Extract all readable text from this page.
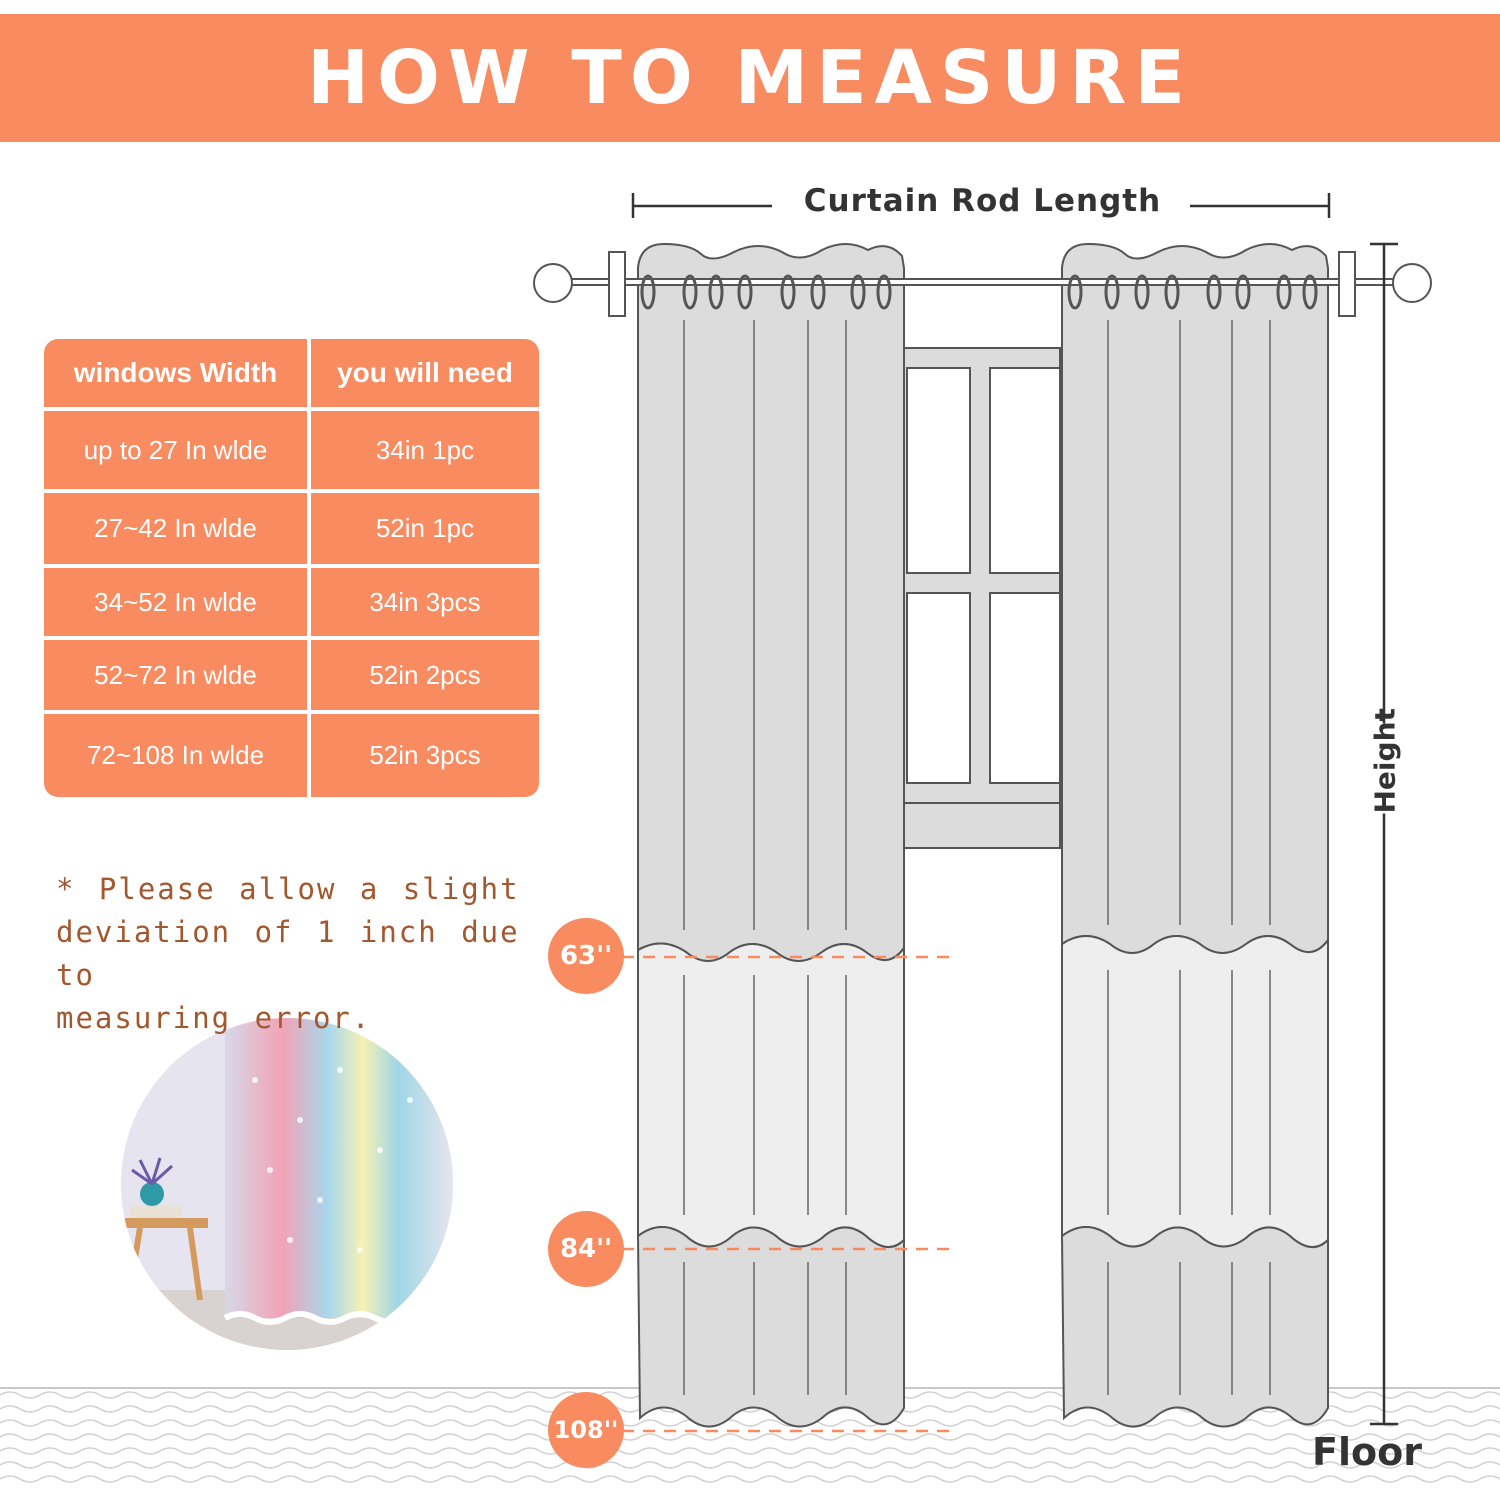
HOW TO MEASURE
Curtain Rod Length
windows Width	you will need
up to 27 In wlde	34in 1pc
27~42 In wlde	52in 1pc
34~52 In wlde	34in 3pcs
52~72 In wlde	52in 2pcs
72~108 In wlde	52in 3pcs
* Please allow a slight
deviation of 1 inch due to
measuring error.
63''
84''
108''
Height
Floor
